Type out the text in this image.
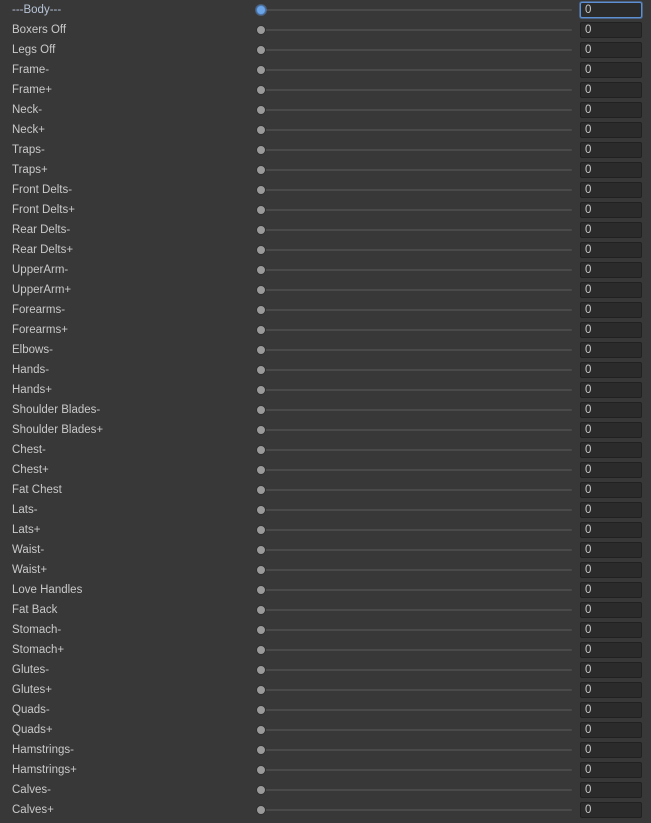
---Body---	0
Boxers Off	0
Legs Off	0
Frame-	0
Frame+	0
Neck-	0
Neck+	0
Traps-	0
Traps+	0
Front Delts-	0
Front Delts+	0
Rear Delts-	0
Rear Delts+	0
UpperArm-	0
UpperArm+	0
Forearms-	0
Forearms+	0
Elbows-	0
Hands-	0
Hands+	0
Shoulder Blades-	0
Shoulder Blades+	0
Chest-	0
Chest+	0
Fat Chest	0
Lats-	0
Lats+	0
Waist-	0
Waist+	0
Love Handles	0
Fat Back	0
Stomach-	0
Stomach+	0
Glutes-	0
Glutes+	0
Quads-	0
Quads+	0
Hamstrings-	0
Hamstrings+	0
Calves-	0
Calves+	0
